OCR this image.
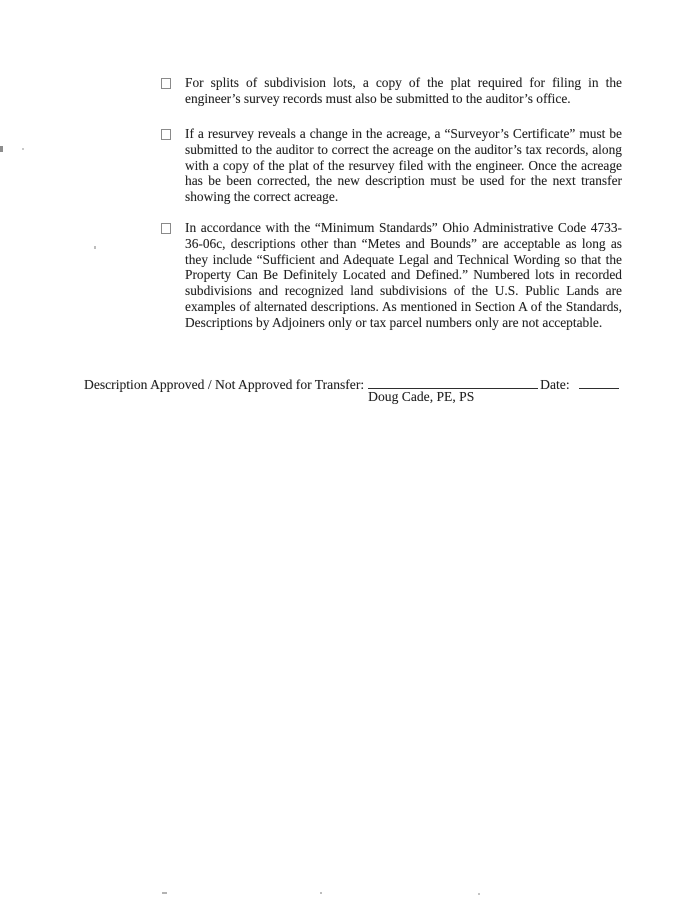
For splits of subdivision lots, a copy of the plat required for filing in the engineer’s survey records must also be submitted to the auditor’s office.

If a resurvey reveals a change in the acreage, a “Surveyor’s Certificate” must be submitted to the auditor to correct the acreage on the auditor’s tax records, along with a copy of the plat of the resurvey filed with the engineer. Once the acreage has be been corrected, the new description must be used for the next transfer showing the correct acreage.

In accordance with the “Minimum Standards” Ohio Administrative Code 4733-36-06c, descriptions other than “Metes and Bounds” are acceptable as long as they include “Sufficient and Adequate Legal and Technical Wording so that the Property Can Be Definitely Located and Defined.” Numbered lots in recorded subdivisions and recognized land subdivisions of the U.S. Public Lands are examples of alternated descriptions. As mentioned in Section A of the Standards, Descriptions by Adjoiners only or tax parcel numbers only are not acceptable.

Description Approved / Not Approved for Transfer:
Doug Cade, PE, PS
Date:
